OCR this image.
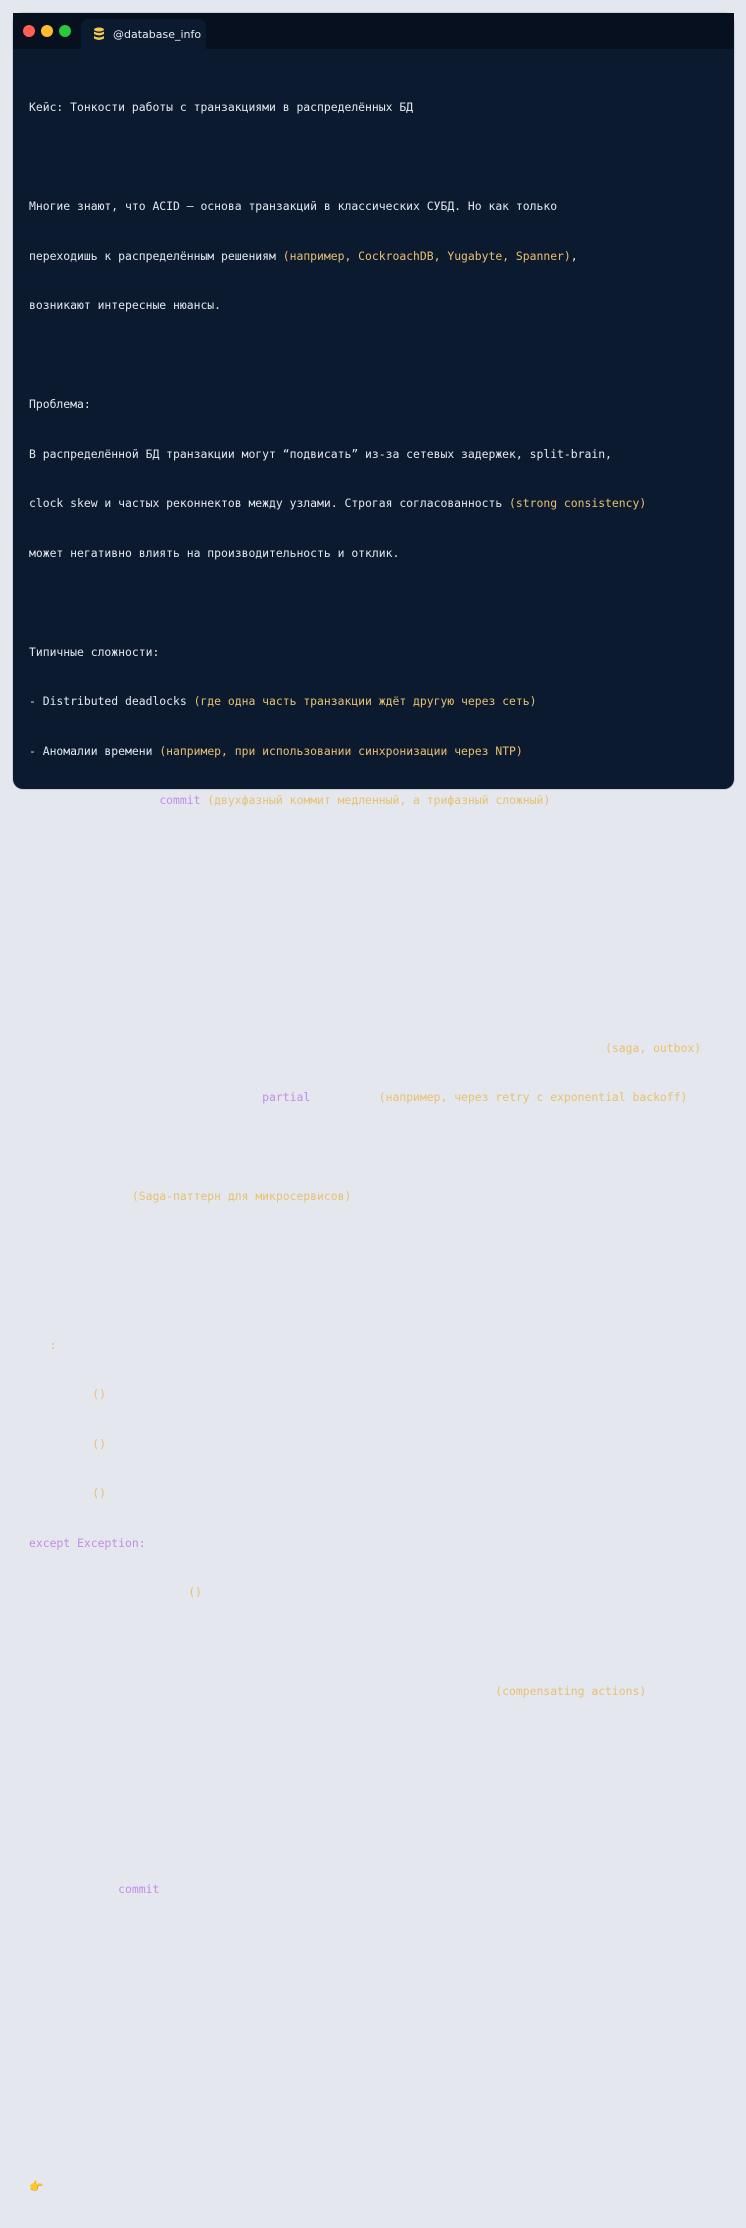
@database_info

Кейс: Тонкости работы с транзакциями в распределённых БД

Многие знают, что ACID — основа транзакций в классических СУБД. Но как только

переходишь к распределённым решениям (например, CockroachDB, Yugabyte, Spanner),

возникают интересные нюансы.

Проблема:

В распределённой БД транзакции могут “подвисать” из-за сетевых задержек, split-brain,

clock skew и частых реконнектов между узлами. Строгая согласованность (strong consistency)

может негативно влиять на производительность и отклик.

Типичные сложности:

- Distributed deadlocks (где одна часть транзакции ждёт другую через сеть)

- Аномалии времени (например, при использовании синхронизации через NTP)

- Цена глобального commit (двухфазный коммит медленный, а трифазный сложный)

Best practices:

- Минимизируй объём данных внутри одной транзакции

- Используй idempotent-операции, чтобы безопасно повторять неудачные транзакции

- Если возможно, проектируй систему под eventual consistency и асинхронные паттерны (saga, outbox)

- Следи за timeouts и обрабатывай partial failures (например, через retry с exponential backoff)

Кодовый пример (Saga-паттерн для микросервисов):

# Пример на псевдокоде

try:

step1()

step2()

step3()

except Exception:

compensating_action()

Saga разбивает большой бизнес-процесс на независимые шаги с откатом (compensating actions).

Вывод:

В распределённых БД транзакции требуют пересмотра архитектуры. Не полагайся только на

“магический” commit — строй систему с учётом ошибок и задержек.

А с какими граблями в распределённых транзакциях сталкивался ты?

#db

👉 @database_info
